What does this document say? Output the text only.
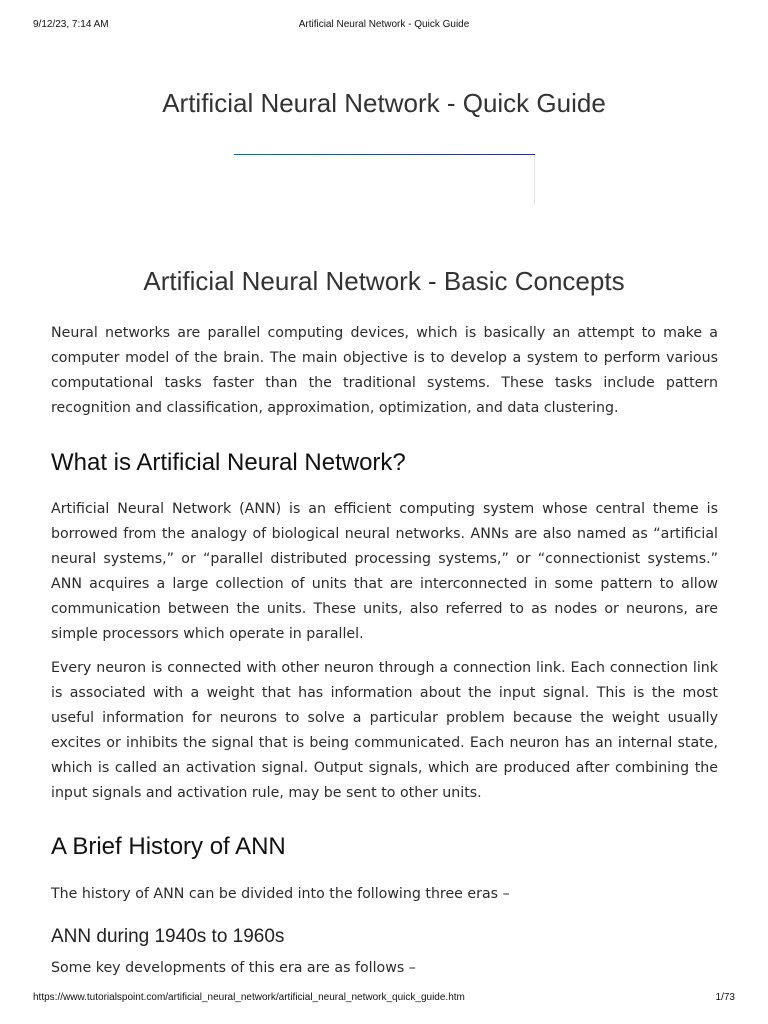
9/12/23, 7:14 AM	Artificial Neural Network - Quick Guide
Artificial Neural Network - Quick Guide
Artificial Neural Network - Basic Concepts

Neural networks are parallel computing devices, which is basically an attempt to make a computer model of the brain. The main objective is to develop a system to perform various computational tasks faster than the traditional systems. These tasks include pattern recognition and classification, approximation, optimization, and data clustering.

What is Artificial Neural Network?

Artificial Neural Network (ANN) is an efficient computing system whose central theme is borrowed from the analogy of biological neural networks. ANNs are also named as “artificial neural systems,” or “parallel distributed processing systems,” or “connectionist systems.” ANN acquires a large collection of units that are interconnected in some pattern to allow communication between the units. These units, also referred to as nodes or neurons, are simple processors which operate in parallel.

Every neuron is connected with other neuron through a connection link. Each connection link is associated with a weight that has information about the input signal. This is the most useful information for neurons to solve a particular problem because the weight usually excites or inhibits the signal that is being communicated. Each neuron has an internal state, which is called an activation signal. Output signals, which are produced after combining the input signals and activation rule, may be sent to other units.

A Brief History of ANN

The history of ANN can be divided into the following three eras –

ANN during 1940s to 1960s

Some key developments of this era are as follows –

https://www.tutorialspoint.com/artificial_neural_network/artificial_neural_network_quick_guide.htm	1/73
